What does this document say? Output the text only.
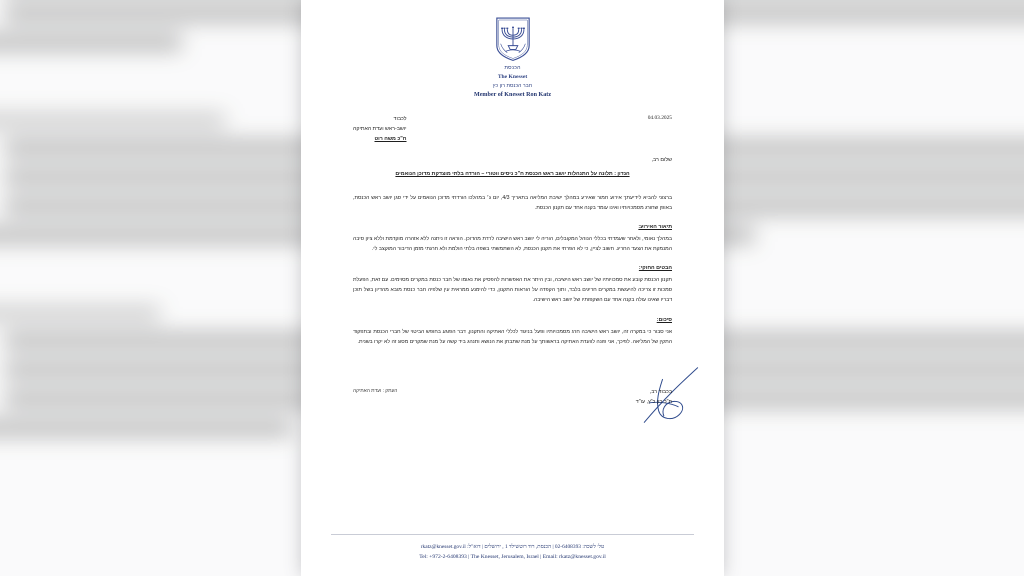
הכנסת
The Knesset
חבר הכנסת רון כץ
Member of Knesset Ron Katz
04.03.2025
לכבוד
יושב-ראש ועדת האתיקה
ח"כ משה רוט
שלום רב,
הנדון : תלונה על התנהלות יושב ראש הכנסת ח"כ ניסים ווטורי – הורדה בלתי מוצדקת מדוכן הנואמים
ברצוני להביא לידיעתך אירוע חמור שאירע במהלך ישיבת המליאה בתאריך 4/3, יום ג׳ במהלכו הורדתי מדוכן הנואמים על ידי סגן יושב ראש הכנסת, באופן שחורג מסמכויותיו ואינו עומד בקנה אחד עם תקנון הכנסת.
תיאור האירוע:
במהלך נאומי, ולאחר שעמדתי בכללי הנוהל המקובלים, הוריה לי יושב ראש הישיבה לרדת מהדוכן. הוראה זו ניתנה ללא אזהרה מוקדמת וללא ציון סיבה המנמקת את הצעד החריג. חשוב לציין, כי לא הפרתי את תקנון הכנסת, לא השתמשתי בשפה בלתי הולמת ולא חרגתי מזמן הדיבור המוקצב לי.
הבטים החוקי:
תקנון הכנסת קובע את סמכויותיו של יושב ראש הישיבה, ובין היתר את האפשרות להפסיק את נאומו של חבר כנסת במקרים מסוימים. עם זאת, הפעלת סמכות זו צריכה להיעשות במקרים חריגים בלבד, ותוך הקפדה על הוראות התקנון, כדי להימנע ממראית עין שלפיה חבר כנסת מובא מהדיון בשל תוכן דבריו שאינו עולה בקנה אחד עם השקפותיו של יושב ראש הישיבה.
סיכום:
אני סבור כי במקרה זה, יושב ראש הישיבה חרג מסמכויותיו ופעל בניגוד לכללי האתיקה והתקנון, דבר הפוגע בחופש הביטוי של חברי הכנסת ובתפקוד התקין של המליאה. לפיכך, אני פונה לוועדת האתיקה בראשותך על מנת שתבחן את הנושא ותנהג ביד קשה על מנת שמקרים מסוג זה לא יקרו בשנית.
בכבוד רב,
ח"כ רון כ"ץ, עו"ד
העתק : ועדת האתיקה
טל׳ לשכה: 02-6408393 | הכנסת, רוד רוטשילד 1 , ירושלים | דוא"ל: rkatz@knesset.gov.il
Tel: +972-2-6408393 | The Knesset, Jerusalem, Israel | Email: rkatz@knesset.gov.il
